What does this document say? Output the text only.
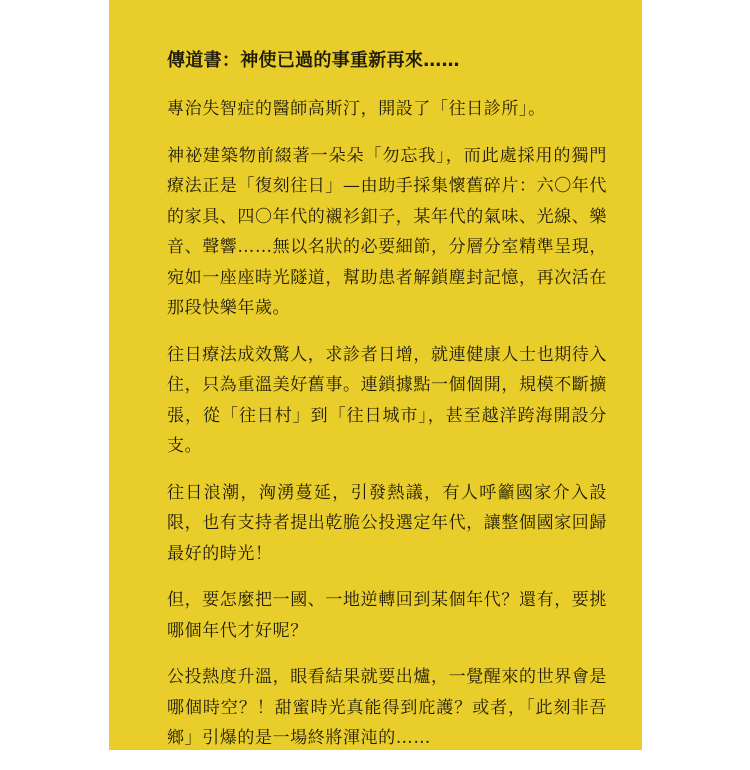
傳道書：神使已過的事重新再來……

專治失智症的醫師高斯汀，開設了「往日診所」。

神祕建築物前綴著一朵朵「勿忘我」，而此處採用的獨門療法正是「復刻往日」—由助手採集懷舊碎片：六〇年代的家具、四〇年代的襯衫釦子，某年代的氣味、光線、樂音、聲響……無以名狀的必要細節，分層分室精準呈現，宛如一座座時光隧道，幫助患者解鎖塵封記憶，再次活在那段快樂年歲。

往日療法成效驚人，求診者日增，就連健康人士也期待入住，只為重溫美好舊事。連鎖據點一個個開，規模不斷擴張，從「往日村」到「往日城市」，甚至越洋跨海開設分支。

往日浪潮，洶湧蔓延，引發熱議，有人呼籲國家介入設限，也有支持者提出乾脆公投選定年代，讓整個國家回歸最好的時光！

但，要怎麼把一國、一地逆轉回到某個年代？還有，要挑哪個年代才好呢？

公投熱度升溫，眼看結果就要出爐，一覺醒來的世界會是哪個時空？！甜蜜時光真能得到庇護？或者，「此刻非吾鄉」引爆的是一場終將渾沌的……
